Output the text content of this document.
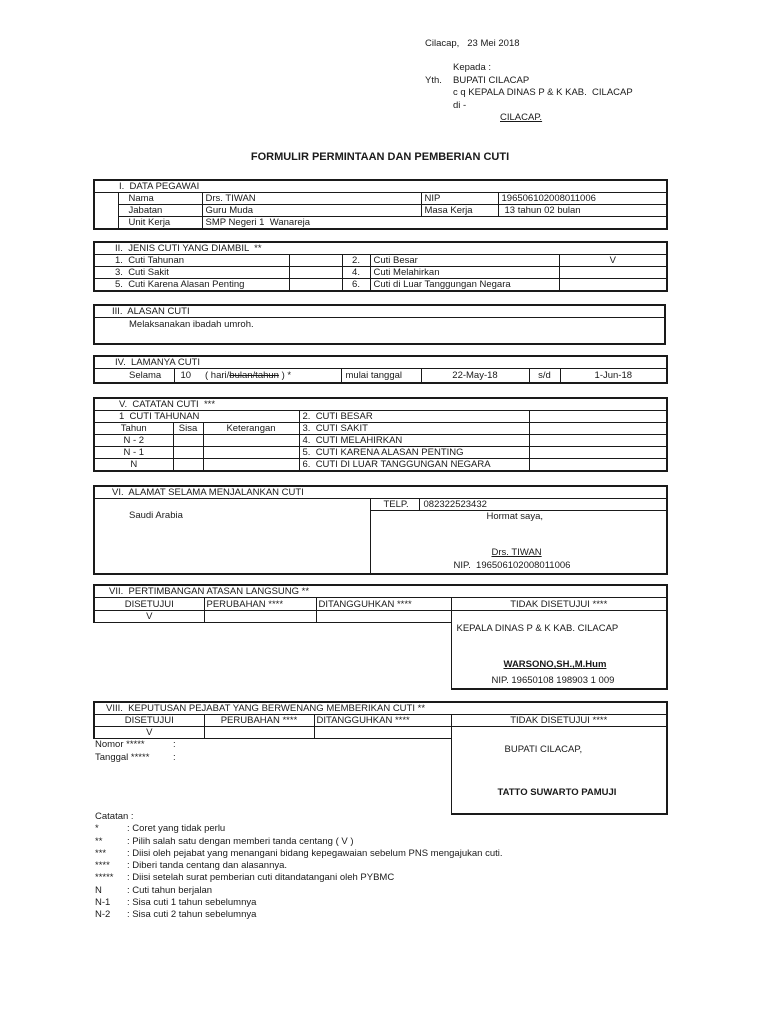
Cilacap,   23 Mei 2018
Kepada :
Yth. BUPATI CILACAP
c q KEPALA DINAS P & K KAB.  CILACAP
di -
CILACAP.
FORMULIR PERMINTAAN DAN PEMBERIAN CUTI
I.  DATA PEGAWAI				
	Nama	Drs. TIWAN	NIP	196506102008011006
	Jabatan	Guru Muda	Masa Kerja	13 tahun 02 bulan
	Unit Kerja	SMP Negeri 1  Wanareja		
II.  JENIS CUTI YANG DIAMBIL  **				
1.  Cuti Tahunan		2.	Cuti Besar	V
3.  Cuti Sakit		4.	Cuti Melahirkan	
5.  Cuti Karena Alasan Penting		6.	Cuti di Luar Tanggungan Negara	
III.  ALASAN CUTI
Melaksanakan ibadah umroh.
IV.  LAMANYA CUTI
Selama	10	( hari/bulan/tahun ) *	mulai tanggal	22-May-18	s/d	1-Jun-18
V.  CATATAN CUTI  ***				
1  CUTI TAHUNAN			2.  CUTI BESAR	
Tahun	Sisa	Keterangan	3.  CUTI SAKIT	
N - 2			4.  CUTI MELAHIRKAN	
N - 1			5.  CUTI KARENA ALASAN PENTING	
N			6.  CUTI DI LUAR TANGGUNGAN NEGARA	
VI.  ALAMAT SELAMA MENJALANKAN CUTI
Saudi Arabia	TELP.	082322523432

Hormat saya,
Drs. TIWAN
NIP.  196506102008011006
VII.  PERTIMBANGAN ATASAN LANGSUNG **			
DISETUJUI	PERUBAHAN ****	DITANGGUHKAN ****	TIDAK DISETUJUI ****
V			KEPALA DINAS P & K KAB. CILACAP
WARSONO,SH.,M.Hum
NIP. 19650108 198903 1 009

VIII.  KEPUTUSAN PEJABAT YANG BERWENANG MEMBERIKAN CUTI **			
DISETUJUI	PERUBAHAN ****	DITANGGUHKAN ****	TIDAK DISETUJUI ****
V			BUPATI CILACAP,
TATTO SUWARTO PAMUJI

Nomor ***** :
Tanggal ***** :			
Catatan :
*	: Coret yang tidak perlu
**	: Pilih salah satu dengan memberi tanda centang ( V )
*** : Diisi oleh pejabat yang menangani bidang kepegawaian sebelum PNS mengajukan cuti.
**** : Diberi tanda centang dan alasannya.
***** : Diisi setelah surat pemberian cuti ditandatangani oleh PYBMC
N	: Cuti tahun berjalan
N-1 : Sisa cuti 1 tahun sebelumnya
N-2 : Sisa cuti 2 tahun sebelumnya
